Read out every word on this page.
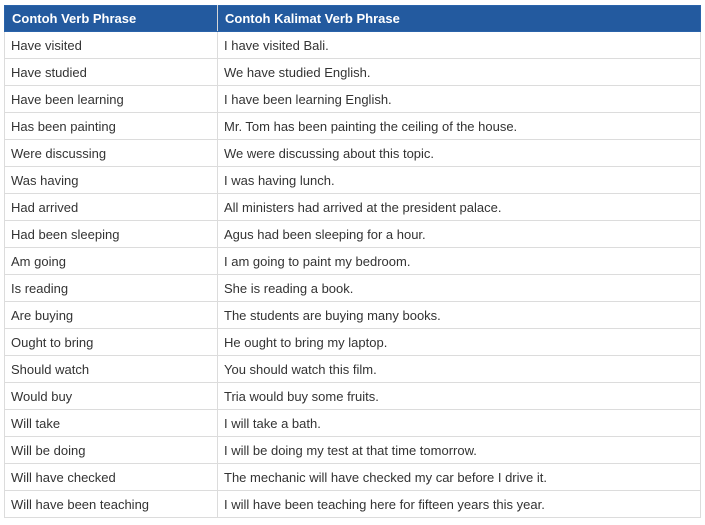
Contoh Verb Phrase	Contoh Kalimat Verb Phrase
Have visited	I have visited Bali.
Have studied	We have studied English.
Have been learning	I have been learning English.
Has been painting	Mr. Tom has been painting the ceiling of the house.
Were discussing	We were discussing about this topic.
Was having	I was having lunch.
Had arrived	All ministers had arrived at the president palace.
Had been sleeping	Agus had been sleeping for a hour.
Am going	I am going to paint my bedroom.
Is reading	She is reading a book.
Are buying	The students are buying many books.
Ought to bring	He ought to bring my laptop.
Should watch	You should watch this film.
Would buy	Tria would buy some fruits.
Will take	I will take a bath.
Will be doing	I will be doing my test at that time tomorrow.
Will have checked	The mechanic will have checked my car before I drive it.
Will have been teaching	I will have been teaching here for fifteen years this year.
